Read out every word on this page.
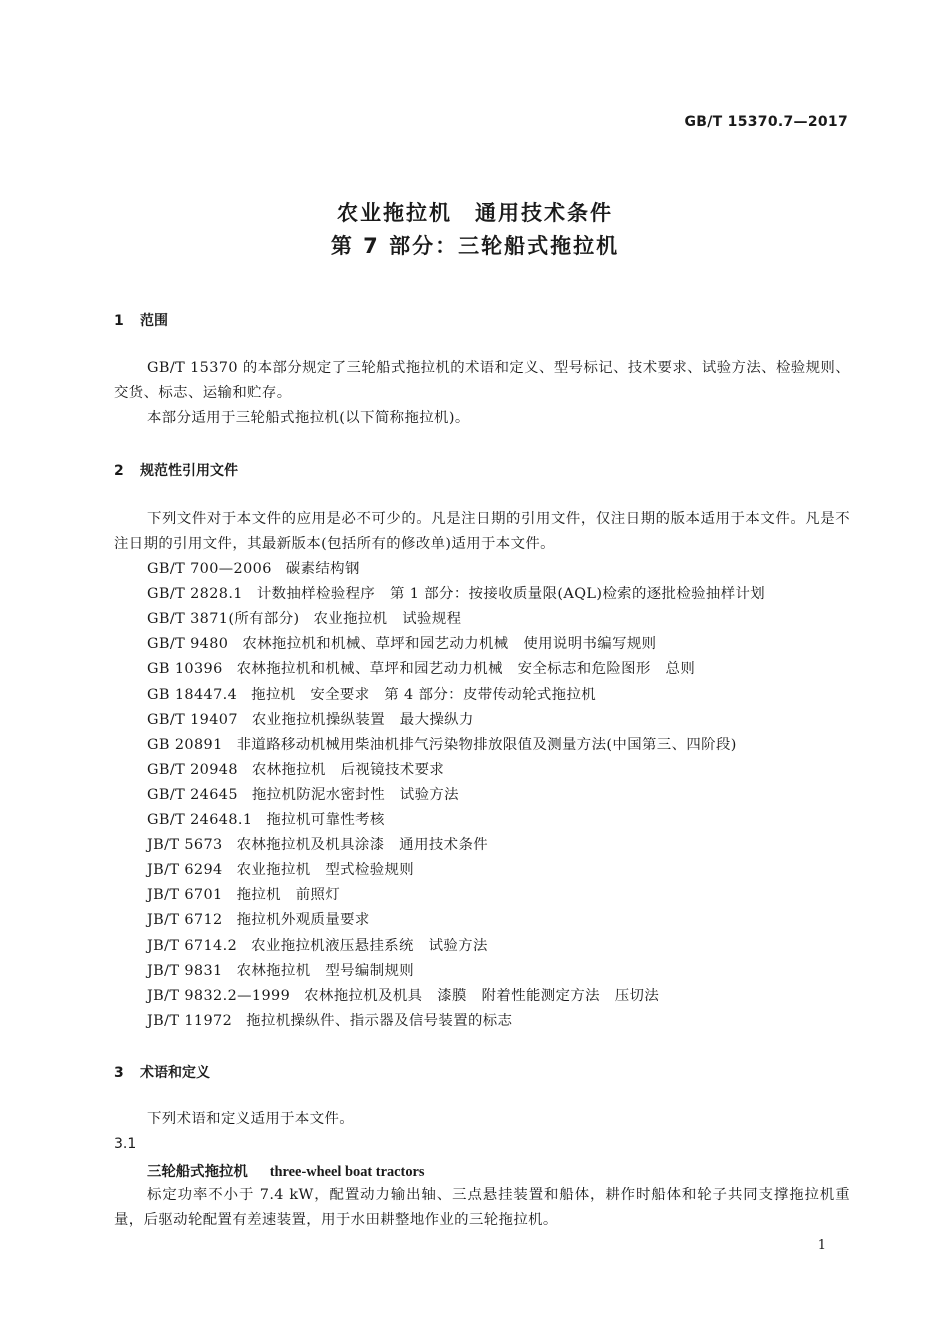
GB/T 15370.7—2017
农业拖拉机　通用技术条件
第 7 部分：三轮船式拖拉机
1 范围
GB/T 15370 的本部分规定了三轮船式拖拉机的术语和定义、型号标记、技术要求、试验方法、检验规则、交货、标志、运输和贮存。
本部分适用于三轮船式拖拉机(以下简称拖拉机)。
2 规范性引用文件
下列文件对于本文件的应用是必不可少的。凡是注日期的引用文件，仅注日期的版本适用于本文件。凡是不注日期的引用文件，其最新版本(包括所有的修改单)适用于本文件。
GB/T 700—2006 碳素结构钢
GB/T 2828.1 计数抽样检验程序　第 1 部分：按接收质量限(AQL)检索的逐批检验抽样计划
GB/T 3871(所有部分) 农业拖拉机　试验规程
GB/T 9480 农林拖拉机和机械、草坪和园艺动力机械　使用说明书编写规则
GB 10396 农林拖拉机和机械、草坪和园艺动力机械　安全标志和危险图形　总则
GB 18447.4 拖拉机　安全要求　第 4 部分：皮带传动轮式拖拉机
GB/T 19407 农业拖拉机操纵装置　最大操纵力
GB 20891 非道路移动机械用柴油机排气污染物排放限值及测量方法(中国第三、四阶段)
GB/T 20948 农林拖拉机　后视镜技术要求
GB/T 24645 拖拉机防泥水密封性　试验方法
GB/T 24648.1 拖拉机可靠性考核
JB/T 5673 农林拖拉机及机具涂漆　通用技术条件
JB/T 6294 农业拖拉机　型式检验规则
JB/T 6701 拖拉机　前照灯
JB/T 6712 拖拉机外观质量要求
JB/T 6714.2 农业拖拉机液压悬挂系统　试验方法
JB/T 9831 农林拖拉机　型号编制规则
JB/T 9832.2—1999 农林拖拉机及机具　漆膜　附着性能测定方法　压切法
JB/T 11972 拖拉机操纵件、指示器及信号装置的标志
3 术语和定义
下列术语和定义适用于本文件。
3.1
三轮船式拖拉机 three-wheel boat tractors
标定功率不小于 7.4 kW，配置动力输出轴、三点悬挂装置和船体，耕作时船体和轮子共同支撑拖拉机重量，后驱动轮配置有差速装置，用于水田耕整地作业的三轮拖拉机。
1
